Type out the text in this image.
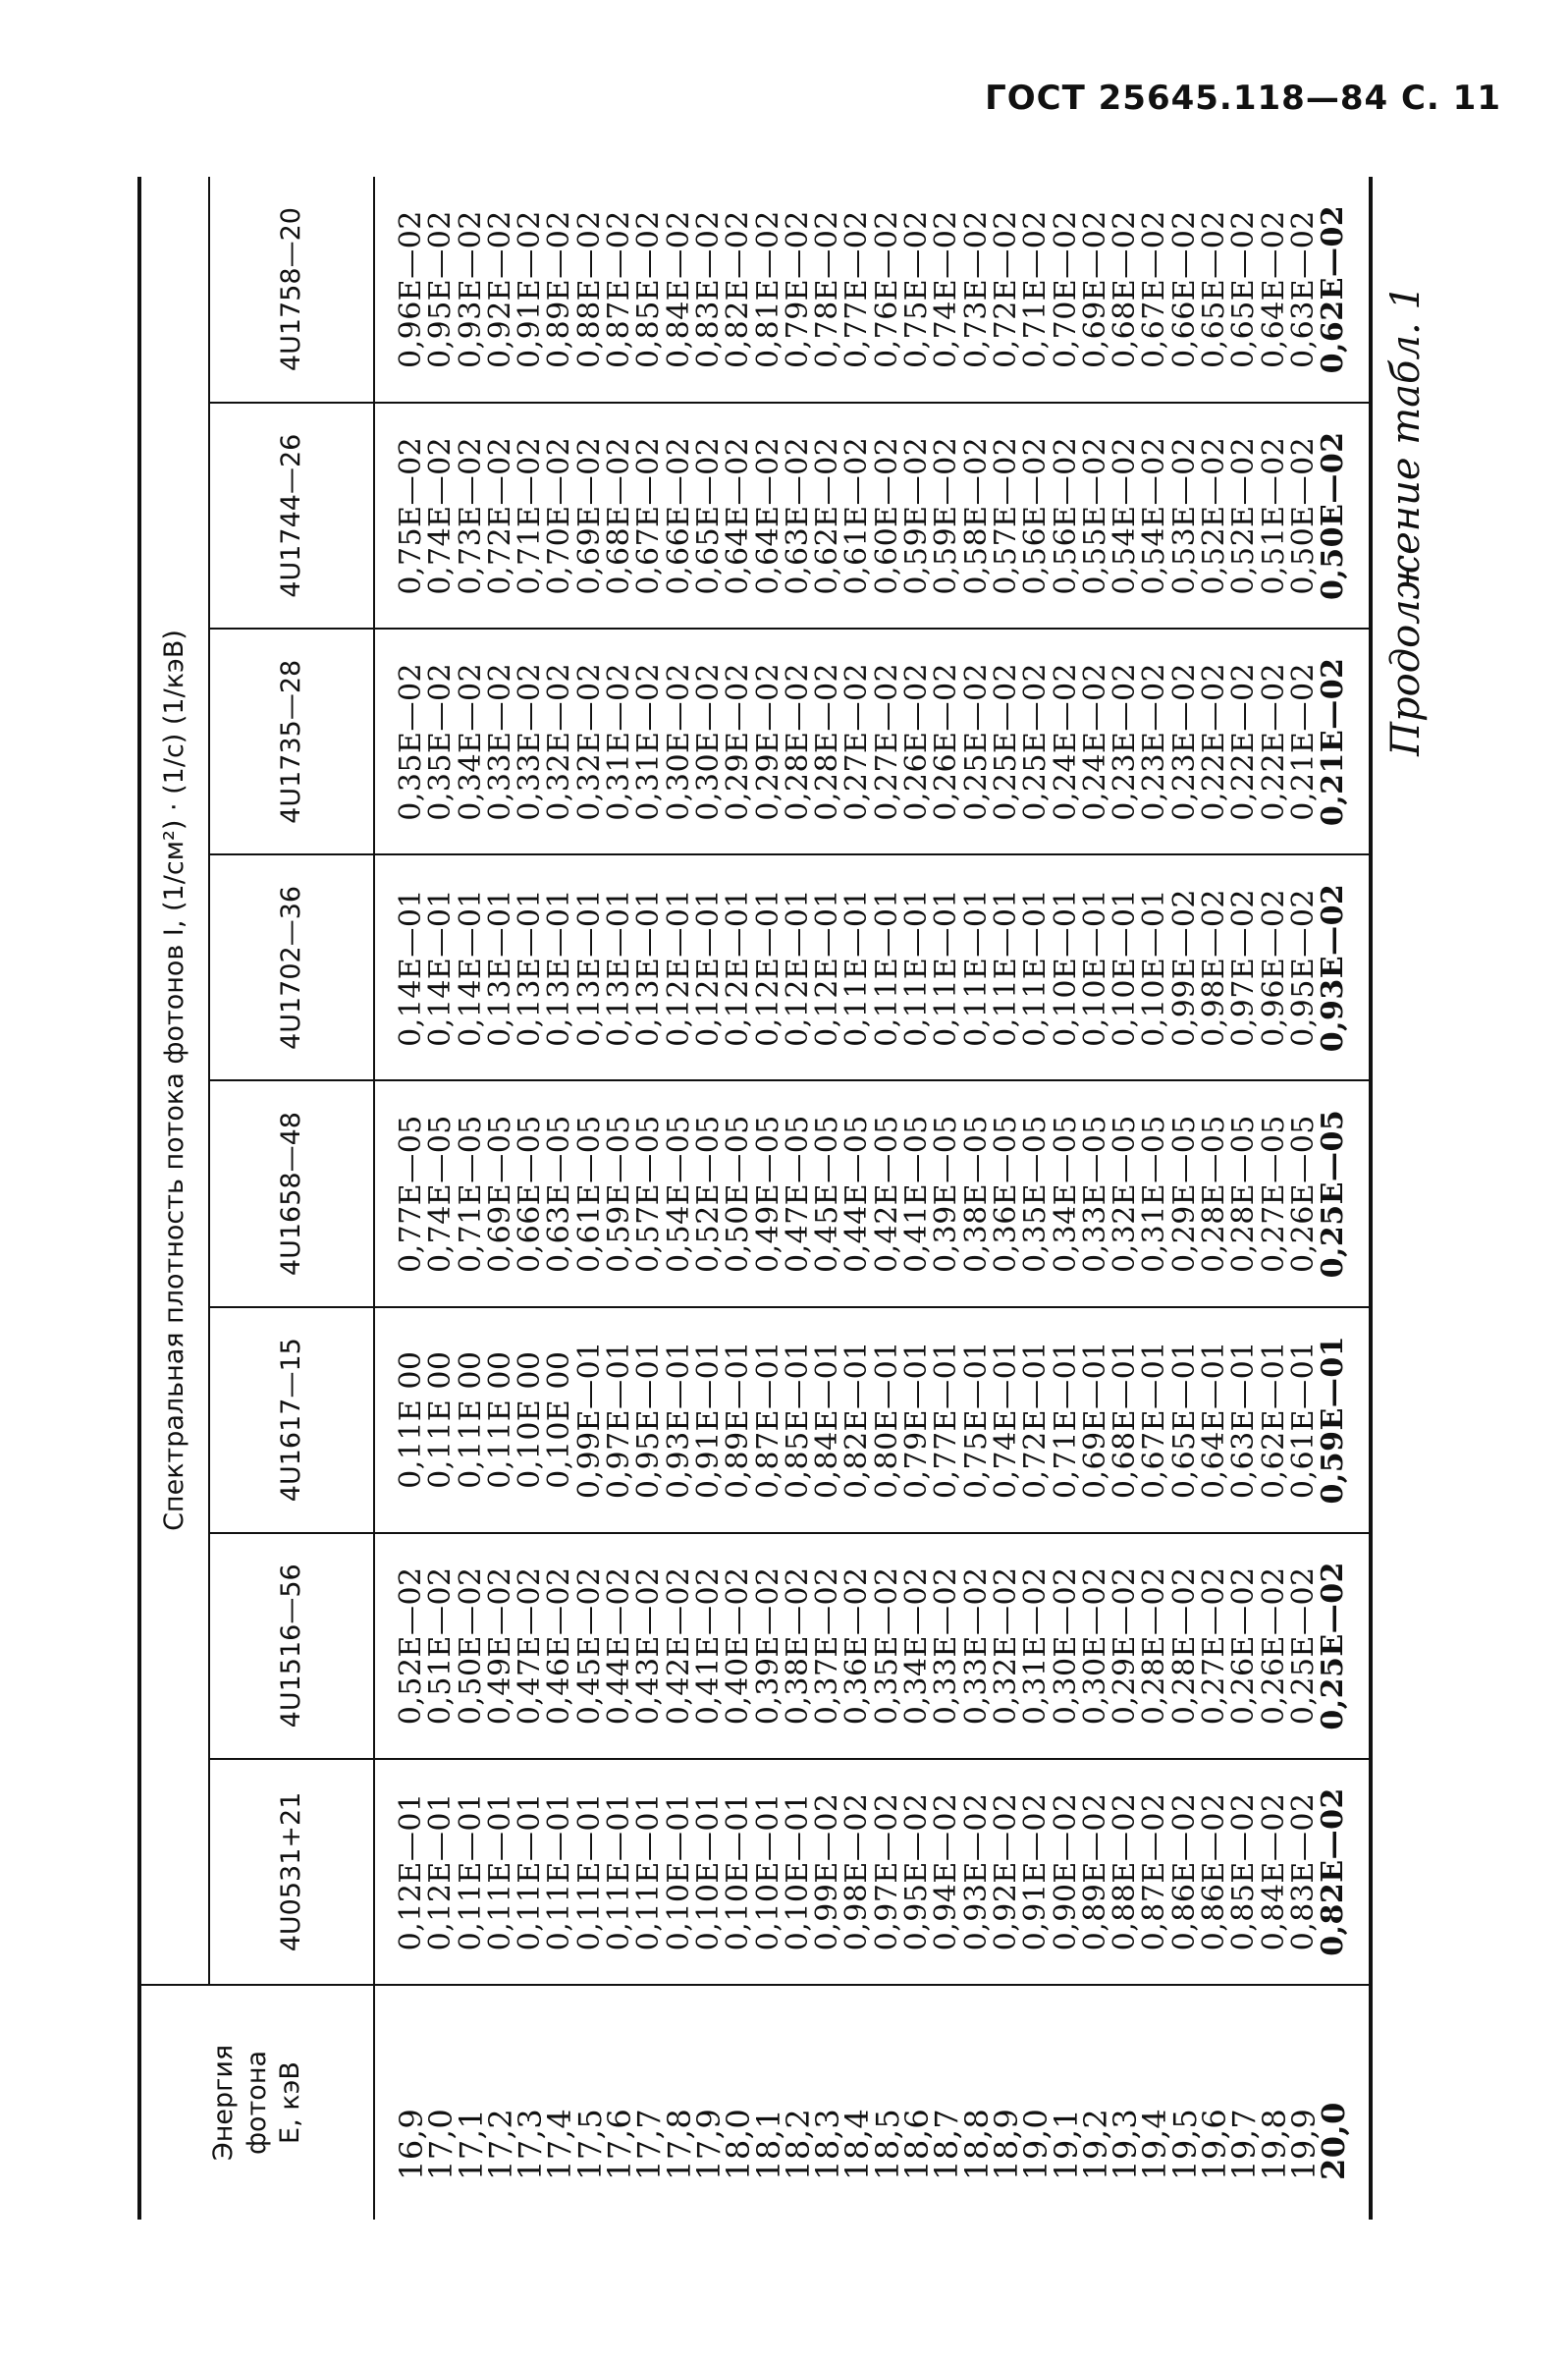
ГОСТ 25645.118—84 С. 11
Продолжение табл. 1
Энергия фотона E, кэВ	Спектральная плотность потока фотонов I, (1/см²) · (1/с) (1/кэВ)							
	4U0531+21	4U1516—56	4U1617—15	4U1658—48	4U1702—36	4U1735—28	4U1744—26	4U1758—20
16,9	0,12E—01	0,52E—02	0,11E 00	0,77E—05	0,14E—01	0,35E—02	0,75E—02	0,96E—02
17,0	0,12E—01	0,51E—02	0,11E 00	0,74E—05	0,14E—01	0,35E—02	0,74E—02	0,95E—02
17,1	0,11E—01	0,50E—02	0,11E 00	0,71E—05	0,14E—01	0,34E—02	0,73E—02	0,93E—02
17,2	0,11E—01	0,49E—02	0,11E 00	0,69E—05	0,13E—01	0,33E—02	0,72E—02	0,92E—02
17,3	0,11E—01	0,47E—02	0,10E 00	0,66E—05	0,13E—01	0,33E—02	0,71E—02	0,91E—02
17,4	0,11E—01	0,46E—02	0,10E 00	0,63E—05	0,13E—01	0,32E—02	0,70E—02	0,89E—02
17,5	0,11E—01	0,45E—02	0,99E—01	0,61E—05	0,13E—01	0,32E—02	0,69E—02	0,88E—02
17,6	0,11E—01	0,44E—02	0,97E—01	0,59E—05	0,13E—01	0,31E—02	0,68E—02	0,87E—02
17,7	0,11E—01	0,43E—02	0,95E—01	0,57E—05	0,13E—01	0,31E—02	0,67E—02	0,85E—02
17,8	0,10E—01	0,42E—02	0,93E—01	0,54E—05	0,12E—01	0,30E—02	0,66E—02	0,84E—02
17,9	0,10E—01	0,41E—02	0,91E—01	0,52E—05	0,12E—01	0,30E—02	0,65E—02	0,83E—02
18,0	0,10E—01	0,40E—02	0,89E—01	0,50E—05	0,12E—01	0,29E—02	0,64E—02	0,82E—02
18,1	0,10E—01	0,39E—02	0,87E—01	0,49E—05	0,12E—01	0,29E—02	0,64E—02	0,81E—02
18,2	0,10E—01	0,38E—02	0,85E—01	0,47E—05	0,12E—01	0,28E—02	0,63E—02	0,79E—02
18,3	0,99E—02	0,37E—02	0,84E—01	0,45E—05	0,12E—01	0,28E—02	0,62E—02	0,78E—02
18,4	0,98E—02	0,36E—02	0,82E—01	0,44E—05	0,11E—01	0,27E—02	0,61E—02	0,77E—02
18,5	0,97E—02	0,35E—02	0,80E—01	0,42E—05	0,11E—01	0,27E—02	0,60E—02	0,76E—02
18,6	0,95E—02	0,34E—02	0,79E—01	0,41E—05	0,11E—01	0,26E—02	0,59E—02	0,75E—02
18,7	0,94E—02	0,33E—02	0,77E—01	0,39E—05	0,11E—01	0,26E—02	0,59E—02	0,74E—02
18,8	0,93E—02	0,33E—02	0,75E—01	0,38E—05	0,11E—01	0,25E—02	0,58E—02	0,73E—02
18,9	0,92E—02	0,32E—02	0,74E—01	0,36E—05	0,11E—01	0,25E—02	0,57E—02	0,72E—02
19,0	0,91E—02	0,31E—02	0,72E—01	0,35E—05	0,11E—01	0,25E—02	0,56E—02	0,71E—02
19,1	0,90E—02	0,30E—02	0,71E—01	0,34E—05	0,10E—01	0,24E—02	0,56E—02	0,70E—02
19,2	0,89E—02	0,30E—02	0,69E—01	0,33E—05	0,10E—01	0,24E—02	0,55E—02	0,69E—02
19,3	0,88E—02	0,29E—02	0,68E—01	0,32E—05	0,10E—01	0,23E—02	0,54E—02	0,68E—02
19,4	0,87E—02	0,28E—02	0,67E—01	0,31E—05	0,10E—01	0,23E—02	0,54E—02	0,67E—02
19,5	0,86E—02	0,28E—02	0,65E—01	0,29E—05	0,99E—02	0,23E—02	0,53E—02	0,66E—02
19,6	0,86E—02	0,27E—02	0,64E—01	0,28E—05	0,98E—02	0,22E—02	0,52E—02	0,65E—02
19,7	0,85E—02	0,26E—02	0,63E—01	0,28E—05	0,97E—02	0,22E—02	0,52E—02	0,65E—02
19,8	0,84E—02	0,26E—02	0,62E—01	0,27E—05	0,96E—02	0,22E—02	0,51E—02	0,64E—02
19,9	0,83E—02	0,25E—02	0,61E—01	0,26E—05	0,95E—02	0,21E—02	0,50E—02	0,63E—02
20,0	0,82E—02	0,25E—02	0,59E—01	0,25E—05	0,93E—02	0,21E—02	0,50E—02	0,62E—02
